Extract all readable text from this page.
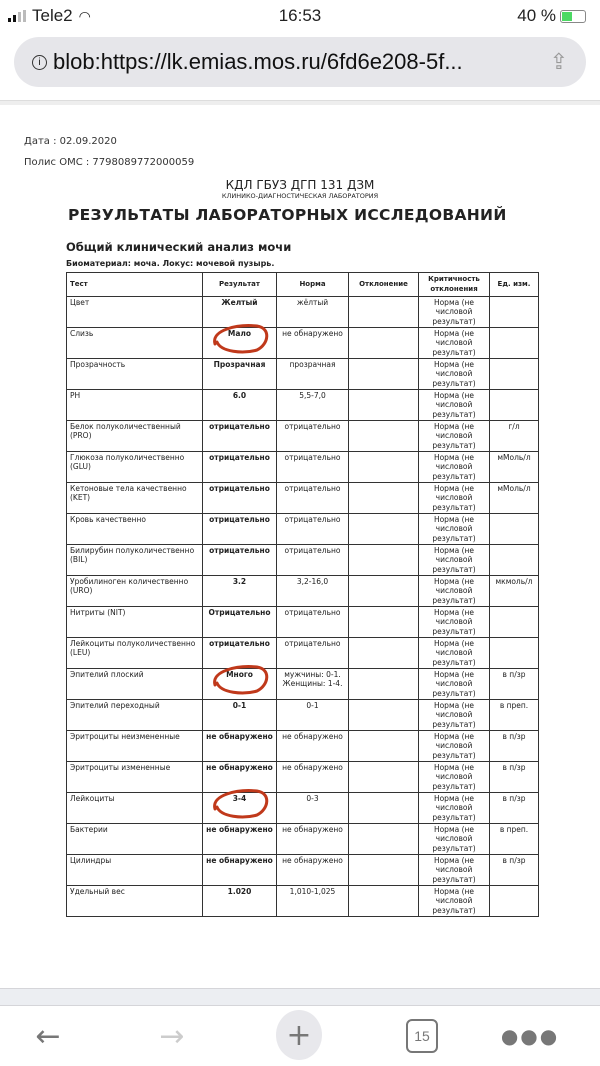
Tele2 ◠	16:53	40 %
i blob:https://lk.emias.mos.ru/6fd6e208-5f...	⇪
Дата : 02.09.2020
Полис ОМС : 7798089772000059
КДЛ ГБУЗ ДГП 131 ДЗМ
КЛИНИКО-ДИАГНОСТИЧЕСКАЯ ЛАБОРАТОРИЯ
РЕЗУЛЬТАТЫ ЛАБОРАТОРНЫХ ИССЛЕДОВАНИЙ
Общий клинический анализ мочи
Биоматериал: моча. Локус: мочевой пузырь.
Тест	Результат	Норма	Отклонение	Критичность отклонения	Ед. изм.
Цвет	Желтый	жёлтый		Норма (не числовой результат)	
Слизь	Мало	не обнаружено		Норма (не числовой результат)	
Прозрачность	Прозрачная	прозрачная		Норма (не числовой результат)	
PH	6.0	5,5-7,0		Норма (не числовой результат)	
Белок полуколичественный (PRO)	отрицательно	отрицательно		Норма (не числовой результат)	г/л
Глюкоза полуколичественно (GLU)	отрицательно	отрицательно		Норма (не числовой результат)	мМоль/л
Кетоновые тела качественно (KET)	отрицательно	отрицательно		Норма (не числовой результат)	мМоль/л
Кровь качественно	отрицательно	отрицательно		Норма (не числовой результат)	
Билирубин полуколичественно (BIL)	отрицательно	отрицательно		Норма (не числовой результат)	
Уробилиноген количественно (URO)	3.2	3,2-16,0		Норма (не числовой результат)	мкмоль/л
Нитриты (NIT)	Отрицательно	отрицательно		Норма (не числовой результат)	
Лейкоциты полуколичественно (LEU)	отрицательно	отрицательно		Норма (не числовой результат)	
Эпителий плоский	Много	мужчины: 0-1. Женщины: 1-4.		Норма (не числовой результат)	в п/зр
Эпителий переходный	0-1	0-1		Норма (не числовой результат)	в преп.
Эритроциты неизмененные	не обнаружено	не обнаружено		Норма (не числовой результат)	в п/зр
Эритроциты измененные	не обнаружено	не обнаружено		Норма (не числовой результат)	в п/зр
Лейкоциты	3-4	0-3		Норма (не числовой результат)	в п/зр
Бактерии	не обнаружено	не обнаружено		Норма (не числовой результат)	в преп.
Цилиндры	не обнаружено	не обнаружено		Норма (не числовой результат)	в п/зр
Удельный вес	1.020	1,010-1,025		Норма (не числовой результат)	
←	→	+	15	●●●
